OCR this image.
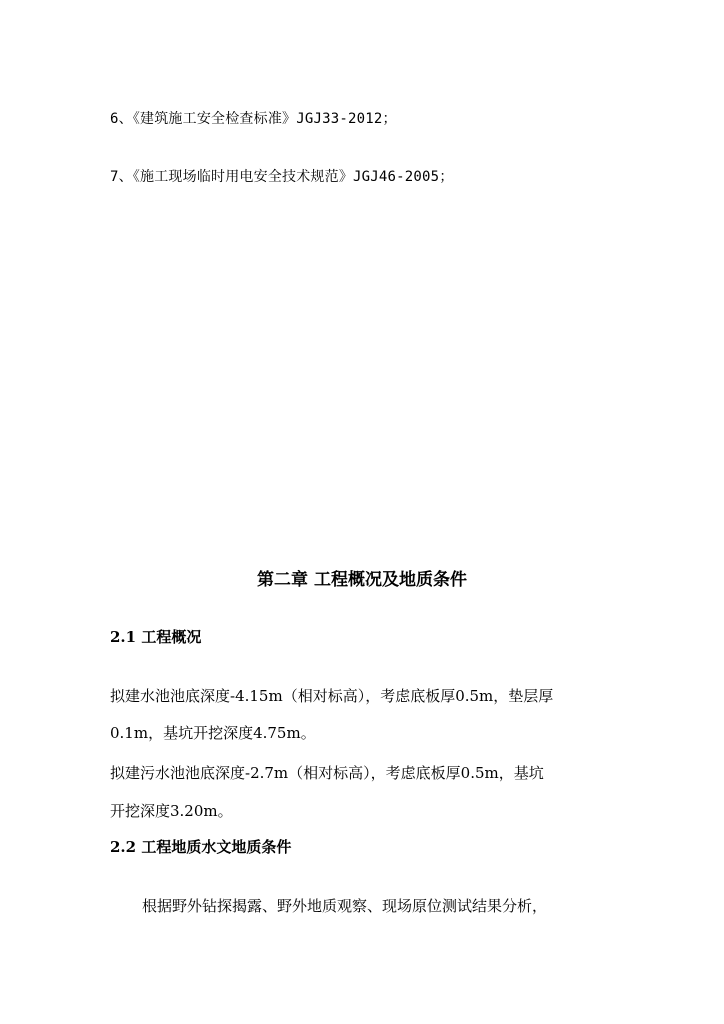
6、《建筑施工安全检查标准》JGJ33-2012；
7、《施工现场临时用电安全技术规范》JGJ46-2005；
第二章 工程概况及地质条件
2.1 工程概况
拟建水池池底深度-4.15m（相对标高），考虑底板厚0.5m，垫层厚
0.1m，基坑开挖深度4.75m。
拟建污水池池底深度-2.7m（相对标高），考虑底板厚0.5m，基坑
开挖深度3.20m。
2.2 工程地质水文地质条件
根据野外钻探揭露、野外地质观察、现场原位测试结果分析，
